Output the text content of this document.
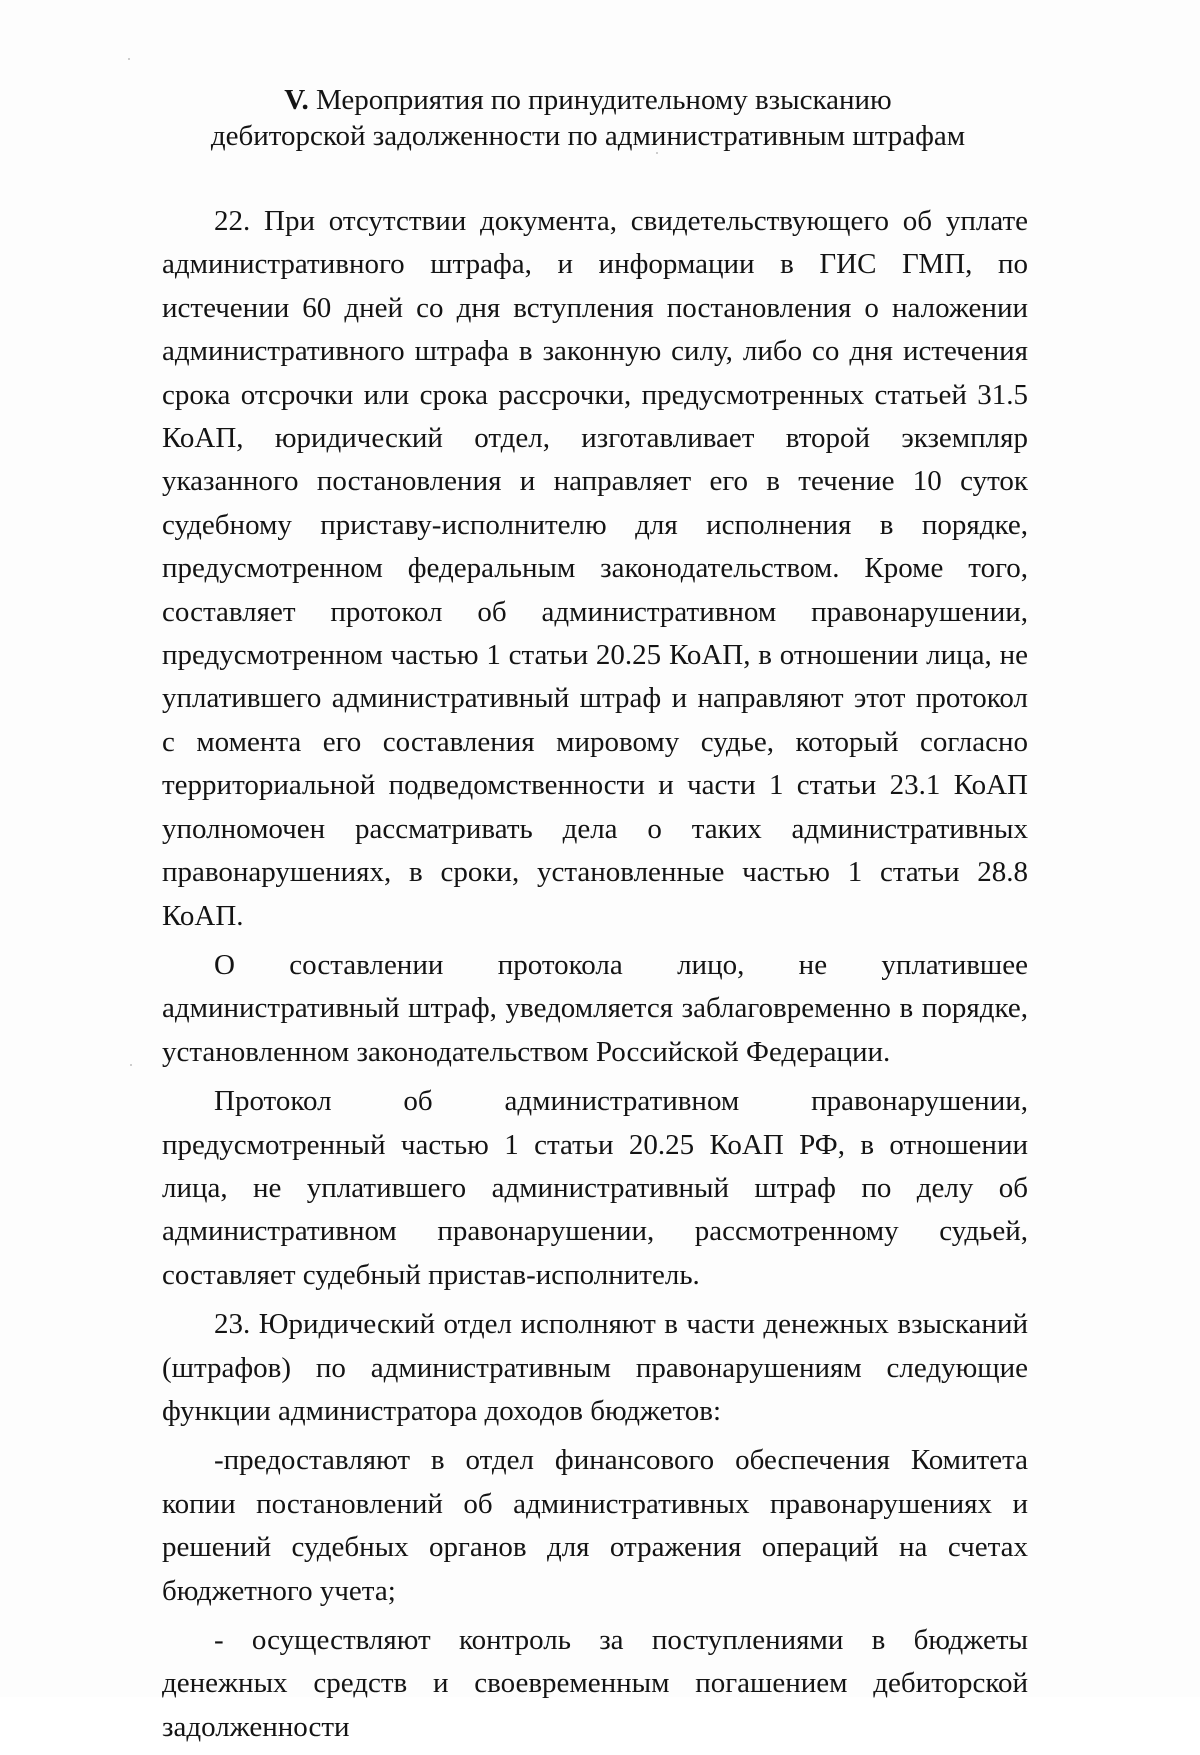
V. Мероприятия по принудительному взысканию
дебиторской задолженности по административным штрафам

22. При отсутствии документа, свидетельствующего об уплате административного штрафа, и информации в ГИС ГМП, по истечении 60 дней со дня вступления постановления о наложении административного штрафа в законную силу, либо со дня истечения срока отсрочки или срока рассрочки, предусмотренных статьей 31.5 КоАП, юридический отдел, изготавливает второй экземпляр указанного постановления и направляет его в течение 10 суток судебному приставу-исполнителю для исполнения в порядке, предусмотренном федеральным законодательством. Кроме того, составляет протокол об административном правонарушении, предусмотренном частью 1 статьи 20.25 КоАП, в отношении лица, не уплатившего административный штраф и направляют этот протокол с момента его составления мировому судье, который согласно территориальной подведомственности и части 1 статьи 23.1 КоАП уполномочен рассматривать дела о таких административных правонарушениях, в сроки, установленные частью 1 статьи 28.8 КоАП.

О составлении протокола лицо, не уплатившее административный штраф, уведомляется заблаговременно в порядке, установленном законодательством Российской Федерации.

Протокол об административном правонарушении, предусмотренный частью 1 статьи 20.25 КоАП РФ, в отношении лица, не уплатившего административный штраф по делу об административном правонарушении, рассмотренному судьей, составляет судебный пристав-исполнитель.

23. Юридический отдел исполняют в части денежных взысканий (штрафов) по административным правонарушениям следующие функции администратора доходов бюджетов:

-предоставляют в отдел финансового обеспечения Комитета копии постановлений об административных правонарушениях и решений судебных органов для отражения операций на счетах бюджетного учета;

- осуществляют контроль за поступлениями в бюджеты денежных средств и своевременным погашением дебиторской задолженности
